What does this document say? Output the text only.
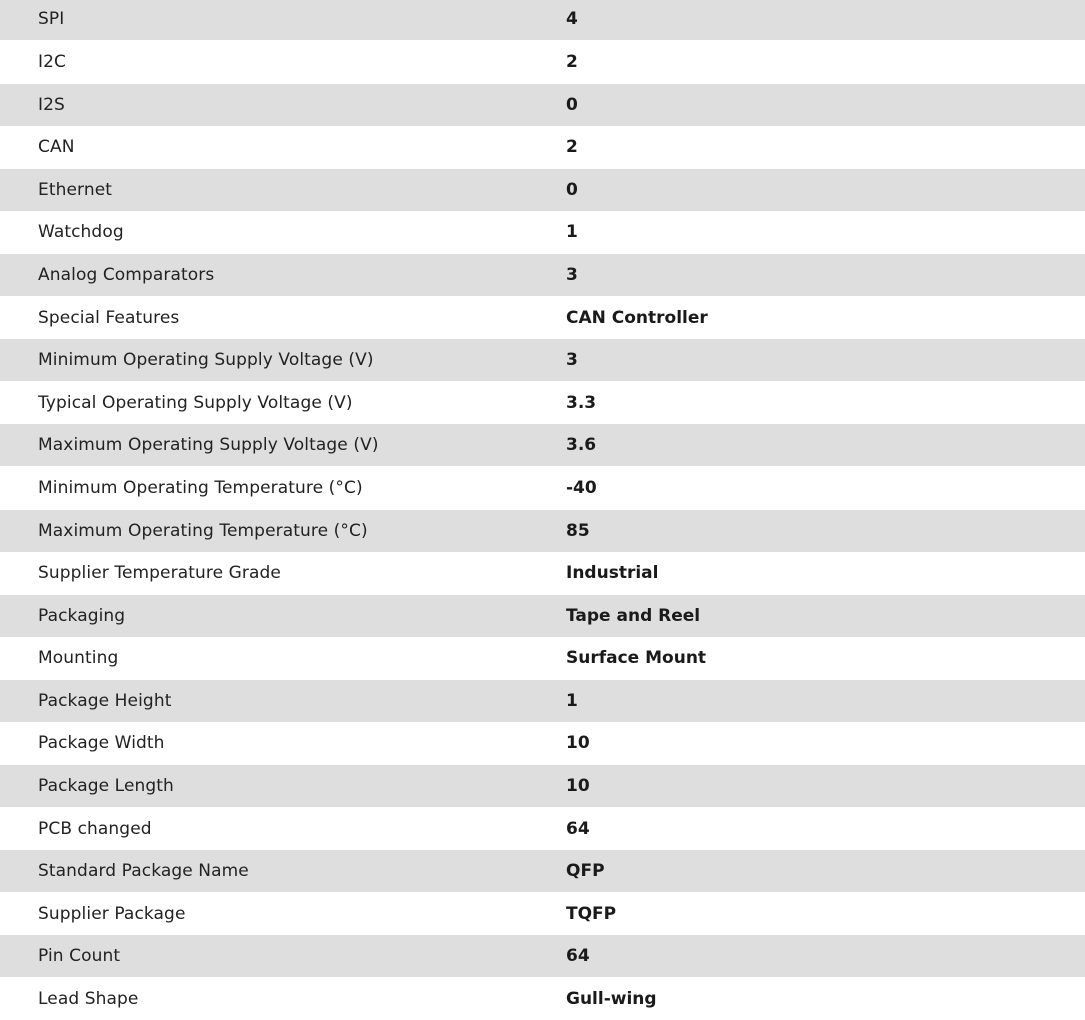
SPI	4
I2C	2
I2S	0
CAN	2
Ethernet	0
Watchdog	1
Analog Comparators	3
Special Features	CAN Controller
Minimum Operating Supply Voltage (V)	3
Typical Operating Supply Voltage (V)	3.3
Maximum Operating Supply Voltage (V)	3.6
Minimum Operating Temperature (°C)	-40
Maximum Operating Temperature (°C)	85
Supplier Temperature Grade	Industrial
Packaging	Tape and Reel
Mounting	Surface Mount
Package Height	1
Package Width	10
Package Length	10
PCB changed	64
Standard Package Name	QFP
Supplier Package	TQFP
Pin Count	64
Lead Shape	Gull-wing
